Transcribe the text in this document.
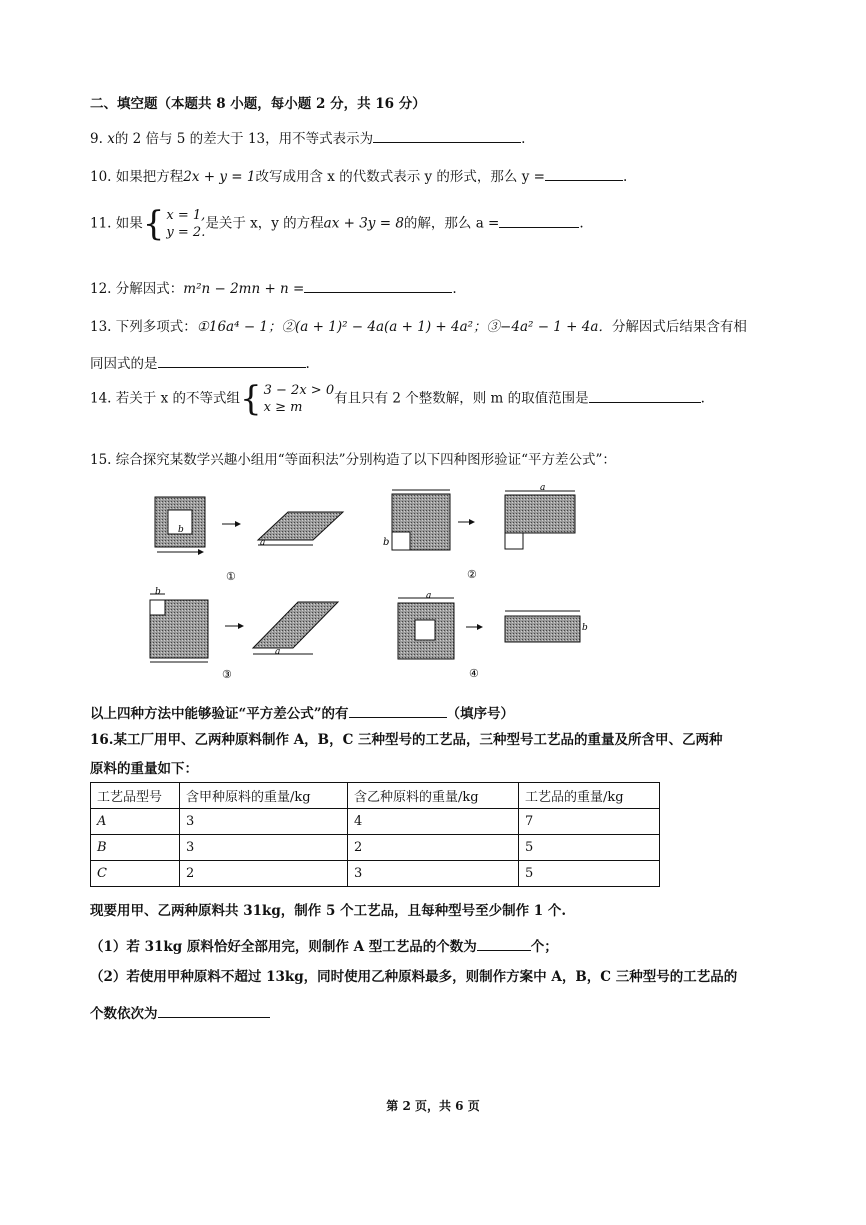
二、填空题（本题共 8 小题，每小题 2 分，共 16 分）
9. x的 2 倍与 5 的差大于 13，用不等式表示为	.
10. 如果把方程2x + y = 1改写成用含 x 的代数式表示 y 的形式，那么 y =	.
11. 如果{ x = 1,
y = 2.
是关于 x，y 的方程ax + 3y = 8的解，那么 a =	.
12. 分解因式：m²n − 2mn + n =	.
13. 下列多项式：①16a⁴ − 1；②(a + 1)² − 4a(a + 1) + 4a²；③−4a² − 1 + 4a．分解因式后结果含有相
同因式的是	.
14. 若关于 x 的不等式组{ 3 − 2x > 0
x ≥ m
有且只有 2 个整数解，则 m 的取值范围是	.
15. 综合探究某数学兴趣小组用“等面积法”分别构造了以下四种图形验证“平方差公式”：
b
a
①
b
a
②
b
a
③
a
b
④
以上四种方法中能够验证“平方差公式”的有	（填序号）
16.某工厂用甲、乙两种原料制作 A，B，C 三种型号的工艺品，三种型号工艺品的重量及所含甲、乙两种
原料的重量如下：
工艺品型号	含甲种原料的重量/kg	含乙种原料的重量/kg	工艺品的重量/kg
A	3	4	7
B	3	2	5
C	2	3	5
现要用甲、乙两种原料共 31kg，制作 5 个工艺品，且每种型号至少制作 1 个.
（1）若 31kg 原料恰好全部用完，则制作 A 型工艺品的个数为	个；
（2）若使用甲种原料不超过 13kg，同时使用乙种原料最多，则制作方案中 A，B，C 三种型号的工艺品的
个数依次为
第 2 页，共 6 页
